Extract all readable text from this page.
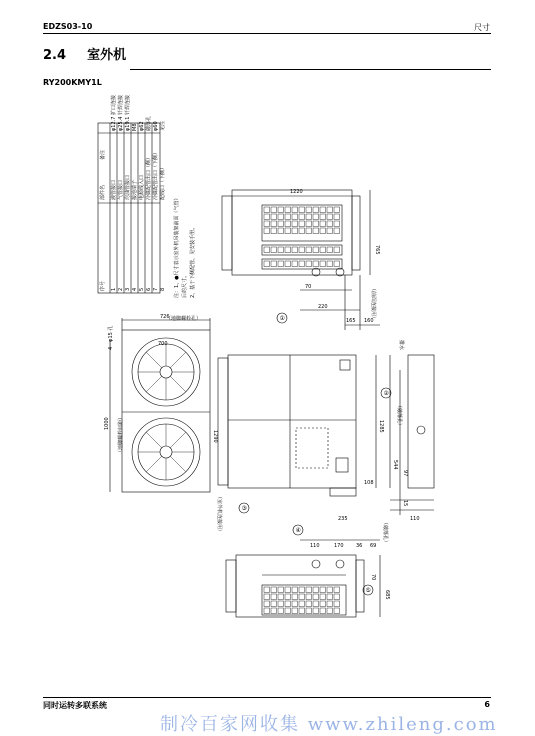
EDZS03-10	尺寸
2.4 室外机
RY200KMY1L
序号
部件名
备注
1
液管接口
φ12.7 扩口连接
2
气管接口
φ25.4 钎焊连接
3
均油管接口
φ19.1 钎焊连接
4
接地端子
M8
5
电源线入口
φ62
6
冷媒配管出口（侧）
敲落孔
7
冷媒配管出口（下侧）
φ60
8
配线口（下侧）
见注
注：1、●尺寸表示室外机吊装架前面（气管） 后的尺寸。 2、基于下侧配管，见安装手册。
1220
765
70
220
165 160
726
700
1290
1000	1285
544
97
108
15
110
235
170
110	36 69
70
685
4－φ15 孔
（地脚螺栓间距）
（地脚螺栓孔）
（敲落孔）
（敲落孔）
（室外机连接用）
（前面连接用）
排水
①
②
③
④
⑤
同时运转多联系统	6
制冷百家网收集 www.zhileng.com
